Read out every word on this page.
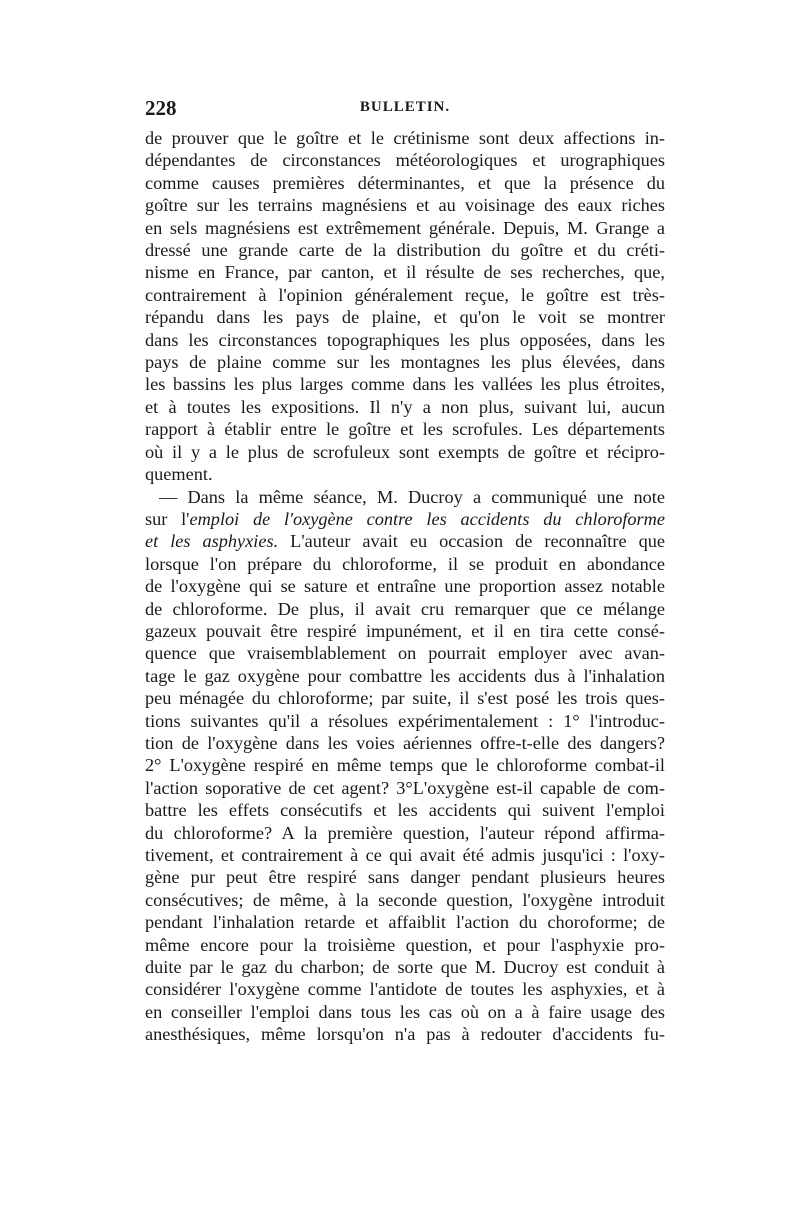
228	BULLETIN.
de prouver que le goître et le crétinisme sont deux affections in-
dépendantes de circonstances météorologiques et urographiques
comme causes premières déterminantes, et que la présence du
goître sur les terrains magnésiens et au voisinage des eaux riches
en sels magnésiens est extrêmement générale. Depuis, M. Grange a
dressé une grande carte de la distribution du goître et du créti-
nisme en France, par canton, et il résulte de ses recherches, que,
contrairement à l'opinion généralement reçue, le goître est très-
répandu dans les pays de plaine, et qu'on le voit se montrer
dans les circonstances topographiques les plus opposées, dans les
pays de plaine comme sur les montagnes les plus élevées, dans
les bassins les plus larges comme dans les vallées les plus étroites,
et à toutes les expositions. Il n'y a non plus, suivant lui, aucun
rapport à établir entre le goître et les scrofules. Les départements
où il y a le plus de scrofuleux sont exempts de goître et récipro-
quement.
— Dans la même séance, M. Ducroy a communiqué une note
sur l'emploi de l'oxygène contre les accidents du chloroforme
et les asphyxies. L'auteur avait eu occasion de reconnaître que
lorsque l'on prépare du chloroforme, il se produit en abondance
de l'oxygène qui se sature et entraîne une proportion assez notable
de chloroforme. De plus, il avait cru remarquer que ce mélange
gazeux pouvait être respiré impunément, et il en tira cette consé-
quence que vraisemblablement on pourrait employer avec avan-
tage le gaz oxygène pour combattre les accidents dus à l'inhalation
peu ménagée du chloroforme; par suite, il s'est posé les trois ques-
tions suivantes qu'il a résolues expérimentalement : 1° l'introduc-
tion de l'oxygène dans les voies aériennes offre-t-elle des dangers?
2° L'oxygène respiré en même temps que le chloroforme combat-il
l'action soporative de cet agent? 3°L'oxygène est-il capable de com-
battre les effets consécutifs et les accidents qui suivent l'emploi
du chloroforme? A la première question, l'auteur répond affirma-
tivement, et contrairement à ce qui avait été admis jusqu'ici : l'oxy-
gène pur peut être respiré sans danger pendant plusieurs heures
consécutives; de même, à la seconde question, l'oxygène introduit
pendant l'inhalation retarde et affaiblit l'action du choroforme; de
même encore pour la troisième question, et pour l'asphyxie pro-
duite par le gaz du charbon; de sorte que M. Ducroy est conduit à
considérer l'oxygène comme l'antidote de toutes les asphyxies, et à
en conseiller l'emploi dans tous les cas où on a à faire usage des
anesthésiques, même lorsqu'on n'a pas à redouter d'accidents fu-
